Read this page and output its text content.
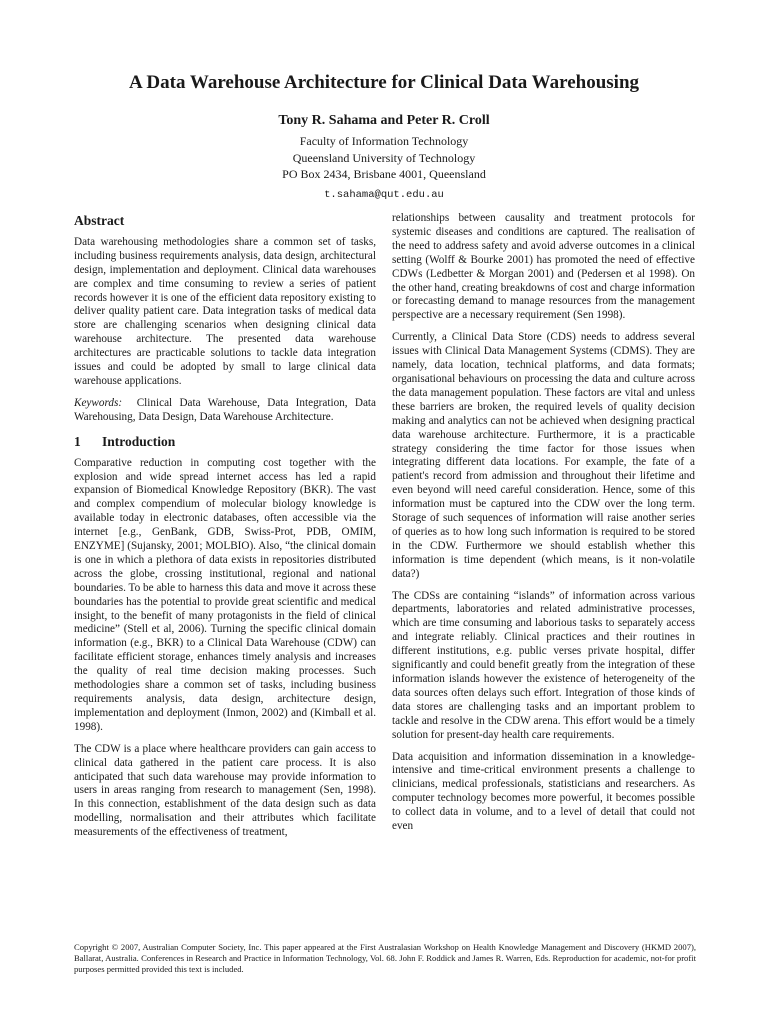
A Data Warehouse Architecture for Clinical Data Warehousing
Tony R. Sahama and Peter R. Croll
Faculty of Information Technology
Queensland University of Technology
PO Box 2434, Brisbane 4001, Queensland
t.sahama@qut.edu.au
Abstract

Data warehousing methodologies share a common set of tasks, including business requirements analysis, data design, architectural design, implementation and deployment. Clinical data warehouses are complex and time consuming to review a series of patient records however it is one of the efficient data repository existing to deliver quality patient care. Data integration tasks of medical data store are challenging scenarios when designing clinical data warehouse architecture. The presented data warehouse architectures are practicable solutions to tackle data integration issues and could be adopted by small to large clinical data warehouse applications.

Keywords: Clinical Data Warehouse, Data Integration, Data Warehousing, Data Design, Data Warehouse Architecture.

1 Introduction

Comparative reduction in computing cost together with the explosion and wide spread internet access has led a rapid expansion of Biomedical Knowledge Repository (BKR). The vast and complex compendium of molecular biology knowledge is available today in electronic databases, often accessible via the internet [e.g., GenBank, GDB, Swiss-Prot, PDB, OMIM, ENZYME] (Sujansky, 2001; MOLBIO). Also, “the clinical domain is one in which a plethora of data exists in repositories distributed across the globe, crossing institutional, regional and national boundaries. To be able to harness this data and move it across these boundaries has the potential to provide great scientific and medical insight, to the benefit of many protagonists in the field of clinical medicine” (Stell et al, 2006). Turning the specific clinical domain information (e.g., BKR) to a Clinical Data Warehouse (CDW) can facilitate efficient storage, enhances timely analysis and increases the quality of real time decision making processes. Such methodologies share a common set of tasks, including business requirements analysis, data design, architecture design, implementation and deployment (Inmon, 2002) and (Kimball et al. 1998).

The CDW is a place where healthcare providers can gain access to clinical data gathered in the patient care process. It is also anticipated that such data warehouse may provide information to users in areas ranging from research to management (Sen, 1998). In this connection, establishment of the data design such as data modelling, normalisation and their attributes which facilitate measurements of the effectiveness of treatment,

relationships between causality and treatment protocols for systemic diseases and conditions are captured. The realisation of the need to address safety and avoid adverse outcomes in a clinical setting (Wolff & Bourke 2001) has promoted the need of effective CDWs (Ledbetter & Morgan 2001) and (Pedersen et al 1998). On the other hand, creating breakdowns of cost and charge information or forecasting demand to manage resources from the management perspective are a necessary requirement (Sen 1998).

Currently, a Clinical Data Store (CDS) needs to address several issues with Clinical Data Management Systems (CDMS). They are namely, data location, technical platforms, and data formats; organisational behaviours on processing the data and culture across the data management population. These factors are vital and unless these barriers are broken, the required levels of quality decision making and analytics can not be achieved when designing practical data warehouse architecture. Furthermore, it is a practicable strategy considering the time factor for those issues when integrating different data locations. For example, the fate of a patient's record from admission and throughout their lifetime and even beyond will need careful consideration. Hence, some of this information must be captured into the CDW over the long term. Storage of such sequences of information will raise another series of queries as to how long such information is required to be stored in the CDW. Furthermore we should establish whether this information is time dependent (which means, is it non-volatile data?)

The CDSs are containing “islands” of information across various departments, laboratories and related administrative processes, which are time consuming and laborious tasks to separately access and integrate reliably. Clinical practices and their routines in different institutions, e.g. public verses private hospital, differ significantly and could benefit greatly from the integration of these information islands however the existence of heterogeneity of the data sources often delays such effort. Integration of those kinds of data stores are challenging tasks and an important problem to tackle and resolve in the CDW arena. This effort would be a timely solution for present-day health care requirements.

Data acquisition and information dissemination in a knowledge-intensive and time-critical environment presents a challenge to clinicians, medical professionals, statisticians and researchers. As computer technology becomes more powerful, it becomes possible to collect data in volume, and to a level of detail that could not even

Copyright © 2007, Australian Computer Society, Inc. This paper appeared at the First Australasian Workshop on Health Knowledge Management and Discovery (HKMD 2007), Ballarat, Australia. Conferences in Research and Practice in Information Technology, Vol. 68. John F. Roddick and James R. Warren, Eds. Reproduction for academic, not-for profit purposes permitted provided this text is included.
